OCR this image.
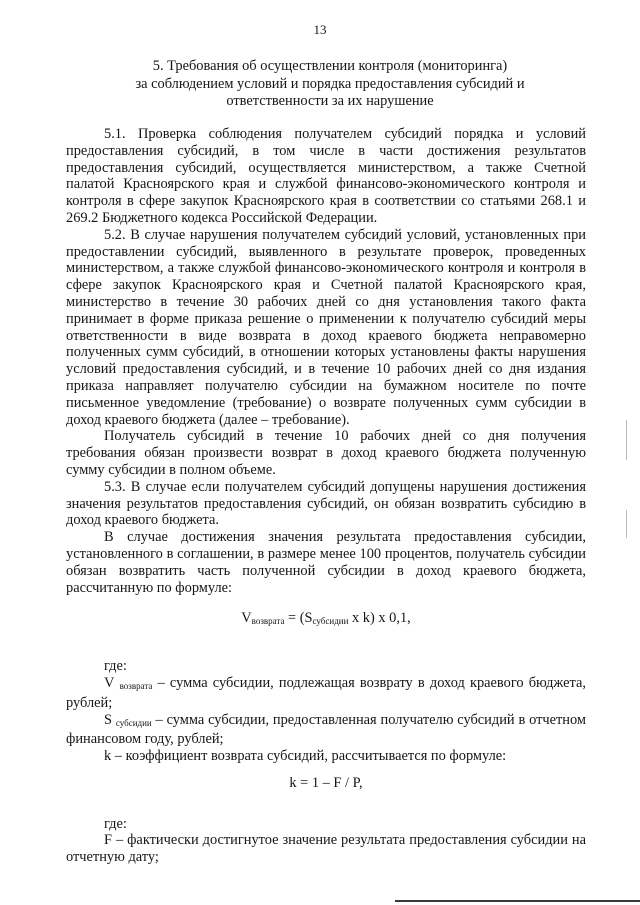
13
5. Требования об осуществлении контроля (мониторинга)
за соблюдением условий и порядка предоставления субсидий и
ответственности за их нарушение

5.1. Проверка соблюдения получателем субсидий порядка и условий предоставления субсидий, в том числе в части достижения результатов предоставления субсидий, осуществляется министерством, а также Счетной палатой Красноярского края и службой финансово-экономического контроля и контроля в сфере закупок Красноярского края в соответствии со статьями 268.1 и 269.2 Бюджетного кодекса Российской Федерации.

5.2. В случае нарушения получателем субсидий условий, установленных при предоставлении субсидий, выявленного в результате проверок, проведенных министерством, а также службой финансово-экономического контроля и контроля в сфере закупок Красноярского края и Счетной палатой Красноярского края, министерство в течение 30 рабочих дней со дня установления такого факта принимает в форме приказа решение о применении к получателю субсидий меры ответственности в виде возврата в доход краевого бюджета неправомерно полученных сумм субсидий, в отношении которых установлены факты нарушения условий предоставления субсидий, и в течение 10 рабочих дней со дня издания приказа направляет получателю субсидии на бумажном носителе по почте письменное уведомление (требование) о возврате полученных сумм субсидии в доход краевого бюджета (далее – требование).

Получатель субсидий в течение 10 рабочих дней со дня получения требования обязан произвести возврат в доход краевого бюджета полученную сумму субсидии в полном объеме.

5.3. В случае если получателем субсидий допущены нарушения достижения значения результатов предоставления субсидий, он обязан возвратить субсидию в доход краевого бюджета.

В случае достижения значения результата предоставления субсидии, установленного в соглашении, в размере менее 100 процентов, получатель субсидии обязан возвратить часть полученной субсидии в доход краевого бюджета, рассчитанную по формуле:

$V_{возврата} = (S_{субсидии}$ x k) x 0,1,

где:

V $_{возврата}$ – сумма субсидии, подлежащая возврату в доход краевого бюджета, рублей;

S $_{субсидии}$ – сумма субсидии, предоставленная получателю субсидий в отчетном финансовом году, рублей;

k – коэффициент возврата субсидий, рассчитывается по формуле:

k = 1 – F / P,

где:

F – фактически достигнутое значение результата предоставления субсидии на отчетную дату;
